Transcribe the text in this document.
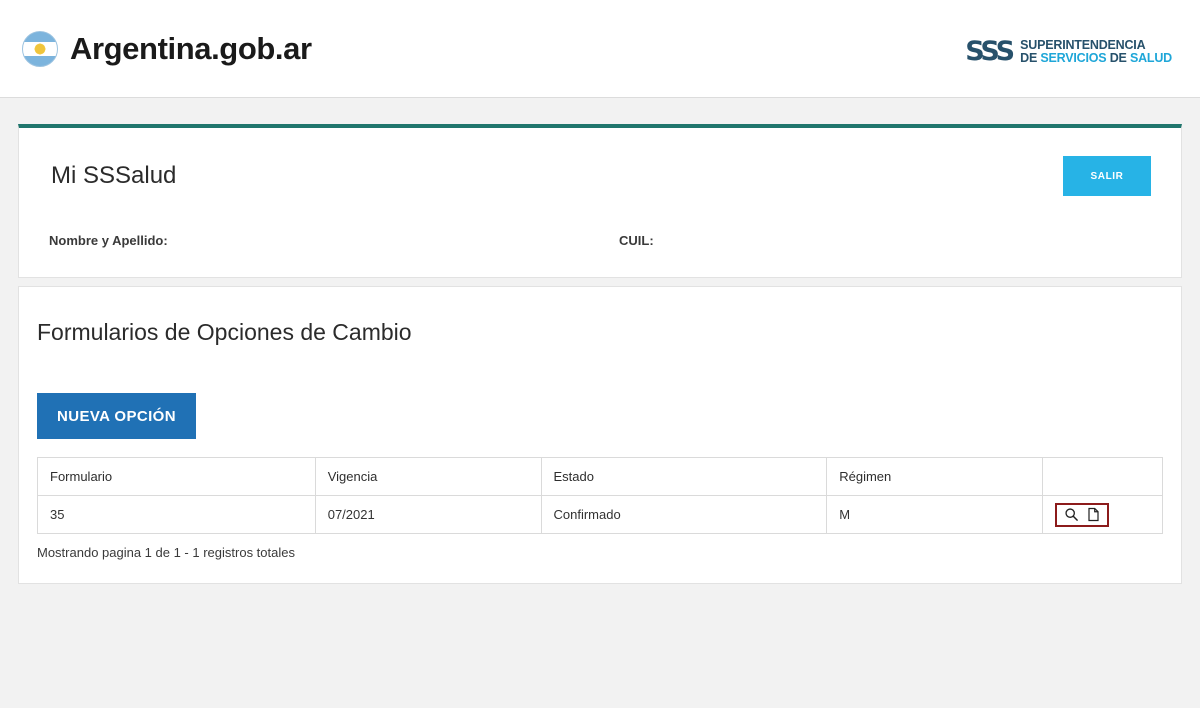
Argentina.gob.ar	SSS SUPERINTENDENCIA
DE SERVICIOS DE SALUD
Mi SSSalud	SALIR
Nombre y Apellido:	CUIL:
Formularios de Opciones de Cambio
NUEVA OPCIÓN
Formulario	Vigencia	Estado	Régimen	
35	07/2021	Confirmado	M	
Mostrando pagina 1 de 1 - 1 registros totales
